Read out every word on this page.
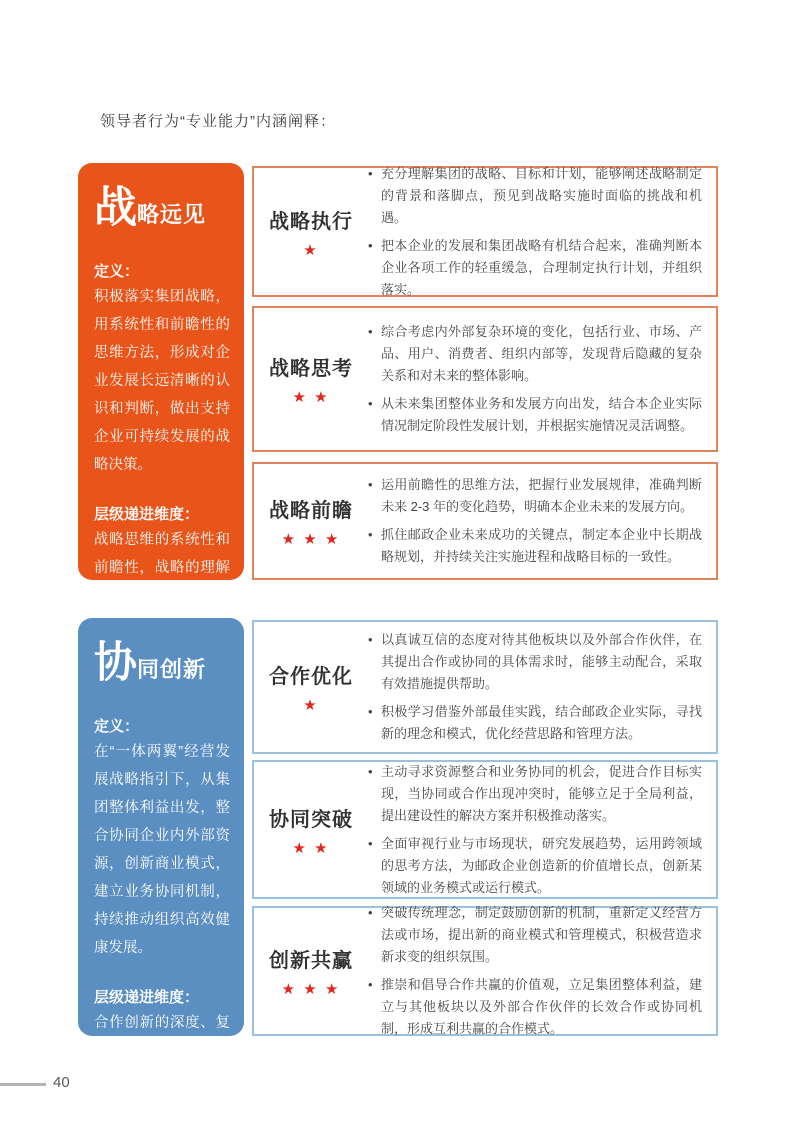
领导者行为“专业能力”内涵阐释：
战略远见
定义：
积极落实集团战略，用系统性和前瞻性的思维方法，形成对企业发展长远清晰的认识和判断，做出支持企业可持续发展的战略决策。
层级递进维度：
战略思维的系统性和前瞻性，战略的理解与执行程度。
战略执行
★
• 充分理解集团的战略、目标和计划，能够阐述战略制定的背景和落脚点，预见到战略实施时面临的挑战和机遇。
• 把本企业的发展和集团战略有机结合起来，准确判断本企业各项工作的轻重缓急，合理制定执行计划，并组织落实。
战略思考
★ ★
• 综合考虑内外部复杂环境的变化，包括行业、市场、产品、用户、消费者、组织内部等，发现背后隐藏的复杂关系和对未来的整体影响。
• 从未来集团整体业务和发展方向出发，结合本企业实际情况制定阶段性发展计划，并根据实施情况灵活调整。
战略前瞻
★ ★ ★
• 运用前瞻性的思维方法，把握行业发展规律，准确判断未来 2-3 年的变化趋势，明确本企业未来的发展方向。
• 抓住邮政企业未来成功的关键点，制定本企业中长期战略规划，并持续关注实施进程和战略目标的一致性。
协同创新
定义：
在“一体两翼”经营发展战略指引下，从集团整体利益出发，整合协同企业内外部资源，创新商业模式，建立业务协同机制，持续推动组织高效健康发展。
层级递进维度：
合作创新的深度、复杂度和共同利益的关注度。
合作优化
★
• 以真诚互信的态度对待其他板块以及外部合作伙伴，在其提出合作或协同的具体需求时，能够主动配合，采取有效措施提供帮助。
• 积极学习借鉴外部最佳实践，结合邮政企业实际，寻找新的理念和模式，优化经营思路和管理方法。
协同突破
★ ★
• 主动寻求资源整合和业务协同的机会，促进合作目标实现，当协同或合作出现冲突时，能够立足于全局利益，提出建设性的解决方案并积极推动落实。
• 全面审视行业与市场现状，研究发展趋势，运用跨领域的思考方法，为邮政企业创造新的价值增长点，创新某领域的业务模式或运行模式。
创新共赢
★ ★ ★
• 突破传统理念，制定鼓励创新的机制，重新定义经营方法或市场，提出新的商业模式和管理模式，积极营造求新求变的组织氛围。
• 推崇和倡导合作共赢的价值观，立足集团整体利益，建立与其他板块以及外部合作伙伴的长效合作或协同机制，形成互利共赢的合作模式。
40
